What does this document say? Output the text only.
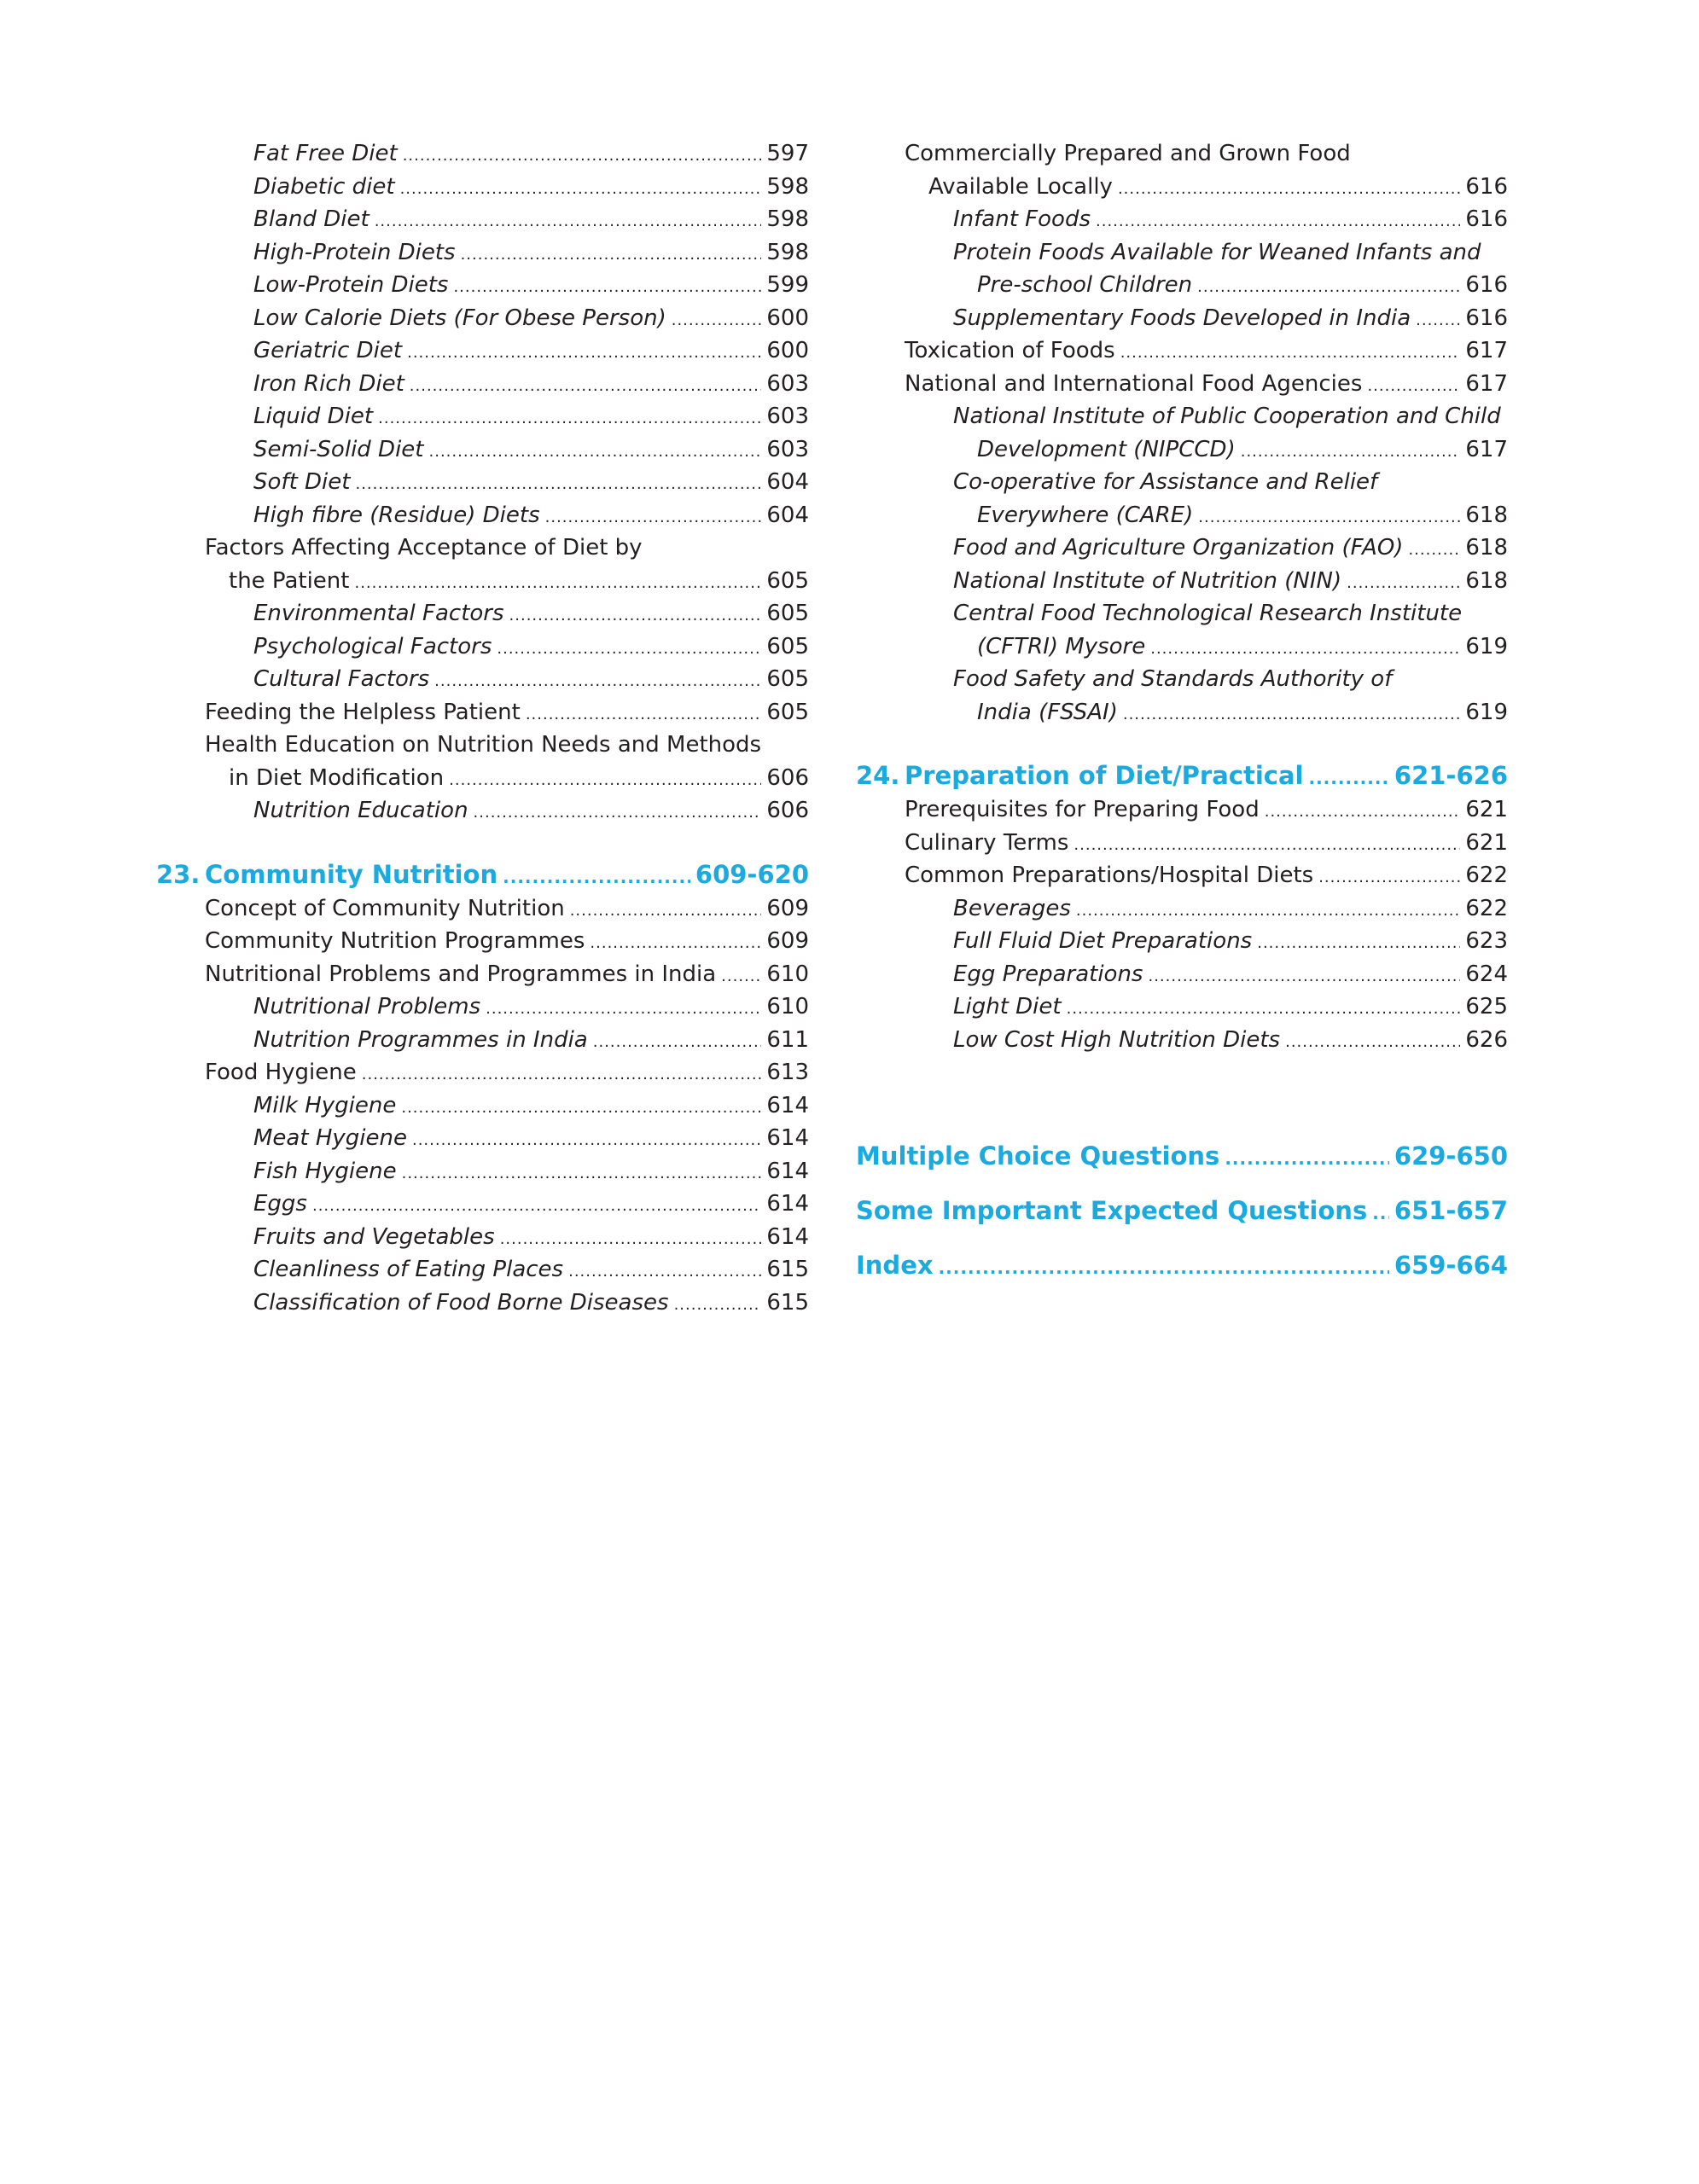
Fat Free Diet .....	597
Diabetic diet .....	598
Bland Diet .....	598
High-Protein Diets .....	598
Low-Protein Diets .....	599
Low Calorie Diets (For Obese Person) .....	600
Geriatric Diet .....	600
Iron Rich Diet .....	603
Liquid Diet .....	603
Semi-Solid Diet .....	603
Soft Diet .....	604
High fibre (Residue) Diets .....	604
Factors Affecting Acceptance of Diet by
the Patient .....	605
Environmental Factors .....	605
Psychological Factors .....	605
Cultural Factors .....	605
Feeding the Helpless Patient .....	605
Health Education on Nutrition Needs and Methods
in Diet Modification .....	606
Nutrition Education .....	606
23. Community Nutrition .....	609-620
Concept of Community Nutrition .....	609
Community Nutrition Programmes .....	609
Nutritional Problems and Programmes in India ..... 610
Nutritional Problems .....	610
Nutrition Programmes in India .....	611
Food Hygiene .....	613
Milk Hygiene .....	614
Meat Hygiene .....	614
Fish Hygiene .....	614
Eggs .....	614
Fruits and Vegetables .....	614
Cleanliness of Eating Places .....	615
Classification of Food Borne Diseases .....	615
Commercially Prepared and Grown Food
Available Locally .....	616
Infant Foods .....	616
Protein Foods Available for Weaned Infants and
Pre-school Children .....	616
Supplementary Foods Developed in India ..... 616
Toxication of Foods .....	617
National and International Food Agencies .....	617
National Institute of Public Cooperation and Child
Development (NIPCCD) .....	617
Co-operative for Assistance and Relief
Everywhere (CARE) .....	618
Food and Agriculture Organization (FAO) .....	618
National Institute of Nutrition (NIN) .....	618
Central Food Technological Research Institute
(CFTRI) Mysore .....	619
Food Safety and Standards Authority of
India (FSSAI) .....	619
24. Preparation of Diet/Practical .....	621-626
Prerequisites for Preparing Food .....	621
Culinary Terms .....	621
Common Preparations/Hospital Diets .....	622
Beverages .....	622
Full Fluid Diet Preparations .....	623
Egg Preparations .....	624
Light Diet .....	625
Low Cost High Nutrition Diets .....	626
Multiple Choice Questions .....	629-650
Some Important Expected Questions ..... 651-657
Index .....	659-664
